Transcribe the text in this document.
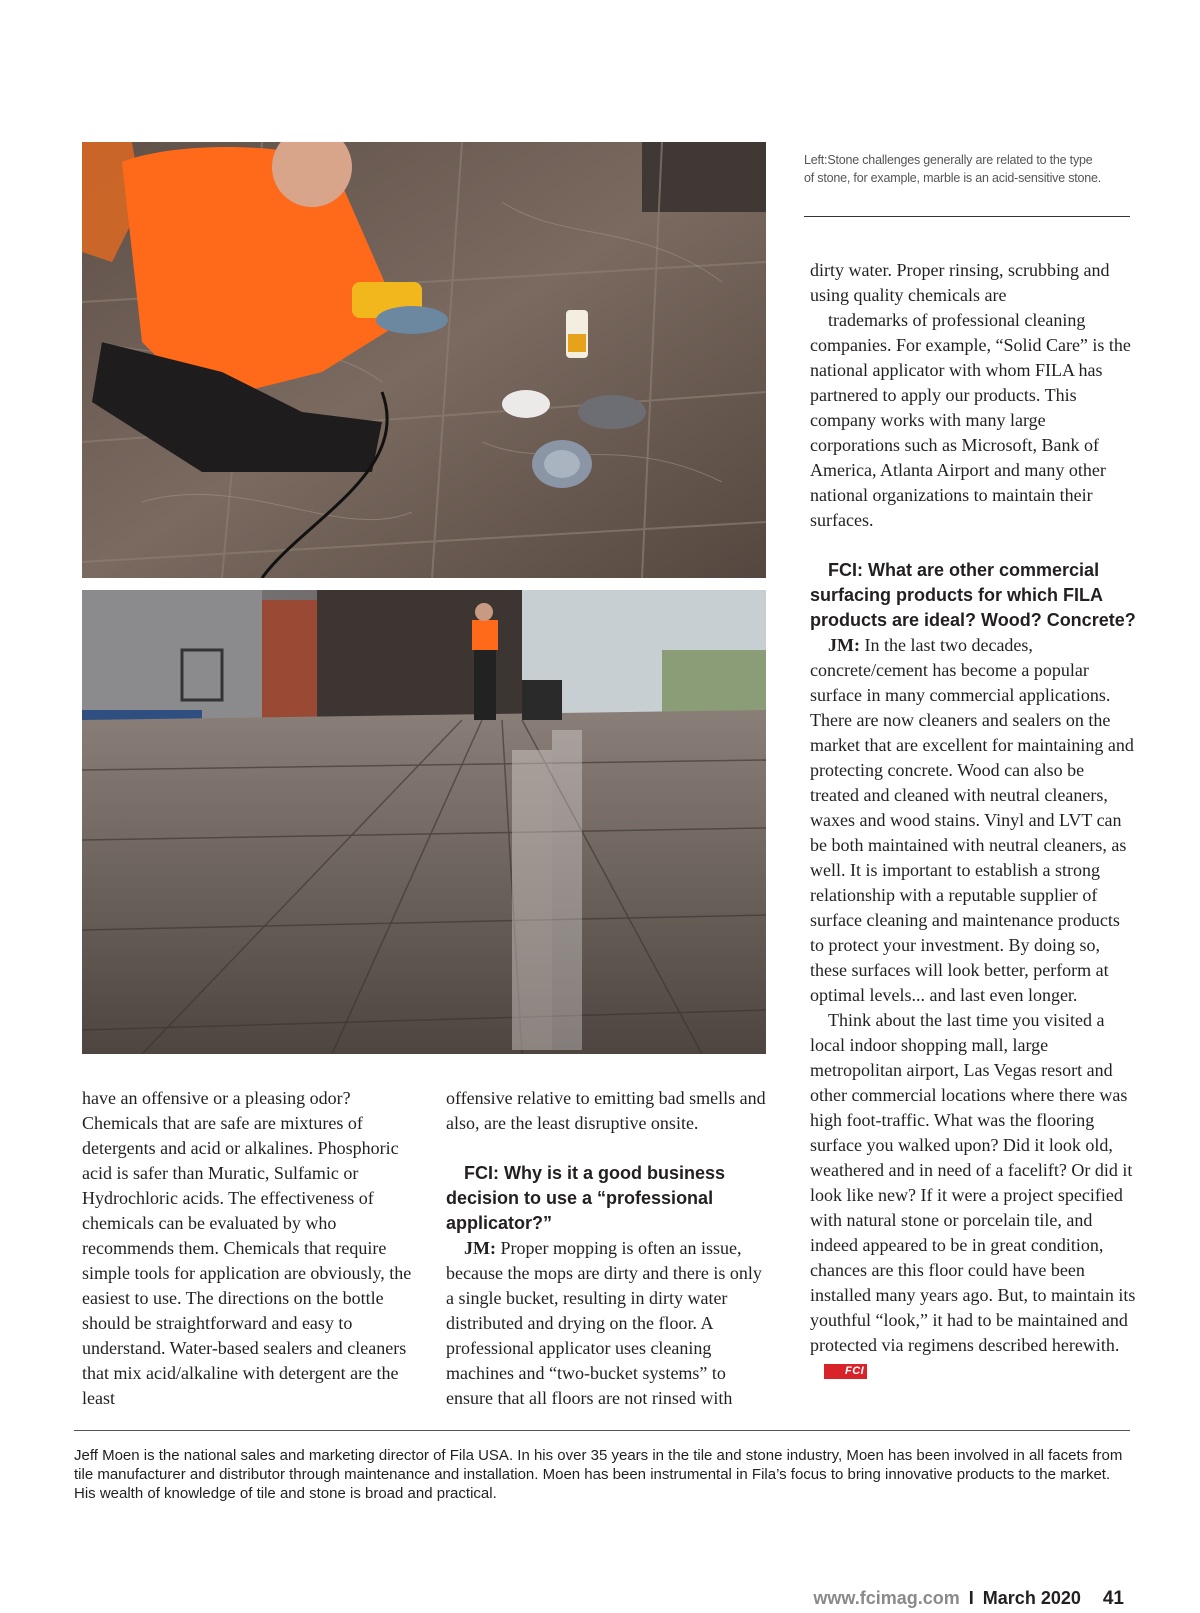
Left:Stone challenges generally are related to the type of stone, for example, marble is an acid-sensitive stone.

dirty water. Proper rinsing, scrubbing and using quality chemicals are

trademarks of professional cleaning companies. For example, “Solid Care” is the national applicator with whom FILA has partnered to apply our products. This company works with many large corporations such as Microsoft, Bank of America, Atlanta Airport and many other national organizations to maintain their surfaces.

FCI: What are other commercial surfacing products for which FILA products are ideal? Wood? Concrete?

JM: In the last two decades, concrete/cement has become a popular surface in many commercial applications. There are now cleaners and sealers on the market that are excellent for maintaining and protecting concrete. Wood can also be treated and cleaned with neutral cleaners, waxes and wood stains. Vinyl and LVT can be both maintained with neutral cleaners, as well. It is important to establish a strong relationship with a reputable supplier of surface cleaning and maintenance products to protect your investment. By doing so, these surfaces will look better, perform at optimal levels... and last even longer.

Think about the last time you visited a local indoor shopping mall, large metropolitan airport, Las Vegas resort and other commercial locations where there was high foot-traffic. What was the flooring surface you walked upon? Did it look old, weathered and in need of a facelift? Or did it look like new? If it were a project specified with natural stone or porcelain tile, and indeed appeared to be in great condition, chances are this floor could have been installed many years ago. But, to maintain its youthful “look,” it had to be maintained and protected via regimens described herewith.FCI

have an offensive or a pleasing odor? Chemicals that are safe are mixtures of detergents and acid or alkalines. Phosphoric acid is safer than Muratic, Sulfamic or Hydrochloric acids. The effectiveness of chemicals can be evaluated by who recommends them. Chemicals that require simple tools for application are obviously, the easiest to use. The directions on the bottle should be straightforward and easy to understand. Water-based sealers and cleaners that mix acid/alkaline with detergent are the least

offensive relative to emitting bad smells and also, are the least disruptive onsite.

FCI: Why is it a good business decision to use a “professional applicator?”

JM: Proper mopping is often an issue, because the mops are dirty and there is only a single bucket, resulting in dirty water distributed and drying on the floor. A professional applicator uses cleaning machines and “two-bucket systems” to ensure that all floors are not rinsed with

Jeff Moen is the national sales and marketing director of Fila USA. In his over 35 years in the tile and stone industry, Moen has been involved in all facets from tile manufacturer and distributor through maintenance and installation. Moen has been instrumental in Fila’s focus to bring innovative products to the market. His wealth of knowledge of tile and stone is broad and practical.
www.fcimag.com I March 2020 41
